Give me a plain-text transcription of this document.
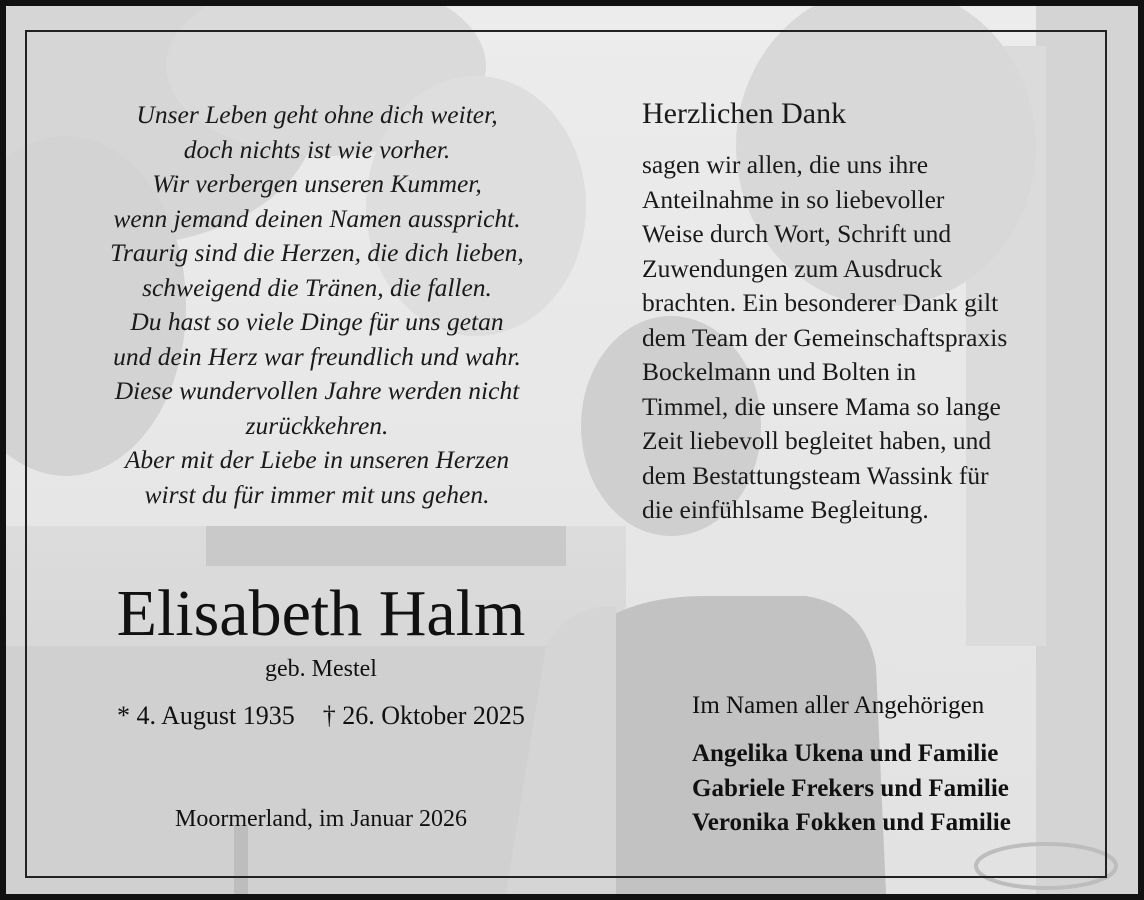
Unser Leben geht ohne dich weiter,
doch nichts ist wie vorher.
Wir verbergen unseren Kummer,
wenn jemand deinen Namen ausspricht.
Traurig sind die Herzen, die dich lieben,
schweigend die Tränen, die fallen.
Du hast so viele Dinge für uns getan
und dein Herz war freundlich und wahr.
Diese wundervollen Jahre werden nicht
zurückkehren.
Aber mit der Liebe in unseren Herzen
wirst du für immer mit uns gehen.
Herzlichen Dank
sagen wir allen, die uns ihre
Anteilnahme in so liebevoller
Weise durch Wort, Schrift und
Zuwendungen zum Ausdruck
brachten. Ein besonderer Dank gilt
dem Team der Gemeinschaftspraxis
Bockelmann und Bolten in
Timmel, die unsere Mama so lange
Zeit liebevoll begleitet haben, und
dem Bestattungsteam Wassink für
die einfühlsame Begleitung.
Elisabeth Halm
geb. Mestel
* 4. August 1935 † 26. Oktober 2025
Moormerland, im Januar 2026
Im Namen aller Angehörigen
Angelika Ukena und Familie
Gabriele Frekers und Familie
Veronika Fokken und Familie
